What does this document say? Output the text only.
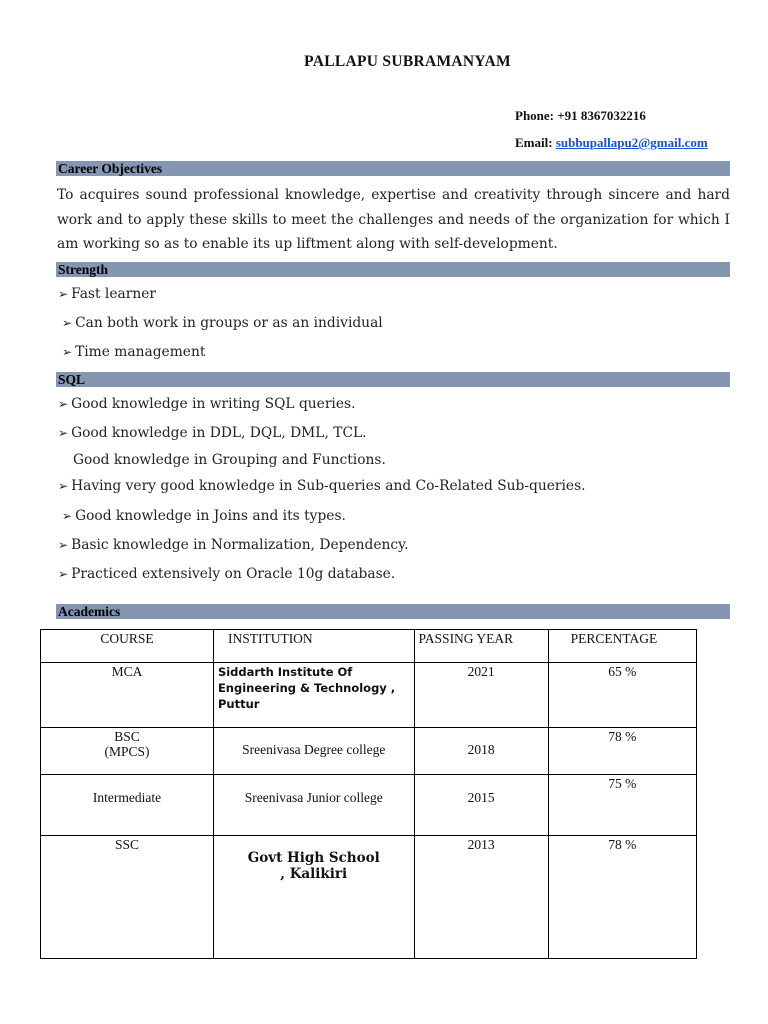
PALLAPU SUBRAMANYAM
Phone: +91 8367032216
Email: subbupallapu2@gmail.com
Career Objectives
To acquires sound professional knowledge, expertise and creativity through sincere and hard work and to apply these skills to meet the challenges and needs of the organization for which I am working so as to enable its up liftment along with self-development.
Strength
➢ Fast learner
➢ Can both work in groups or as an individual
➢ Time management
SQL
➢ Good knowledge in writing SQL queries.
➢ Good knowledge in DDL, DQL, DML, TCL.
Good knowledge in Grouping and Functions.
➢ Having very good knowledge in Sub-queries and Co-Related Sub-queries.
➢ Good knowledge in Joins and its types.
➢ Basic knowledge in Normalization, Dependency.
➢ Practiced extensively on Oracle 10g database.
Academics
COURSE	INSTITUTION	PASSING YEAR	PERCENTAGE
MCA	Siddarth Institute Of Engineering & Technology , Puttur	2021	65 %

BSC
(MPCS)	Sreenivasa Degree college	2018	78 %
Intermediate	Sreenivasa Junior college	2015	75 %
SSC	Govt High School , Kalikiri	2013	78 %
